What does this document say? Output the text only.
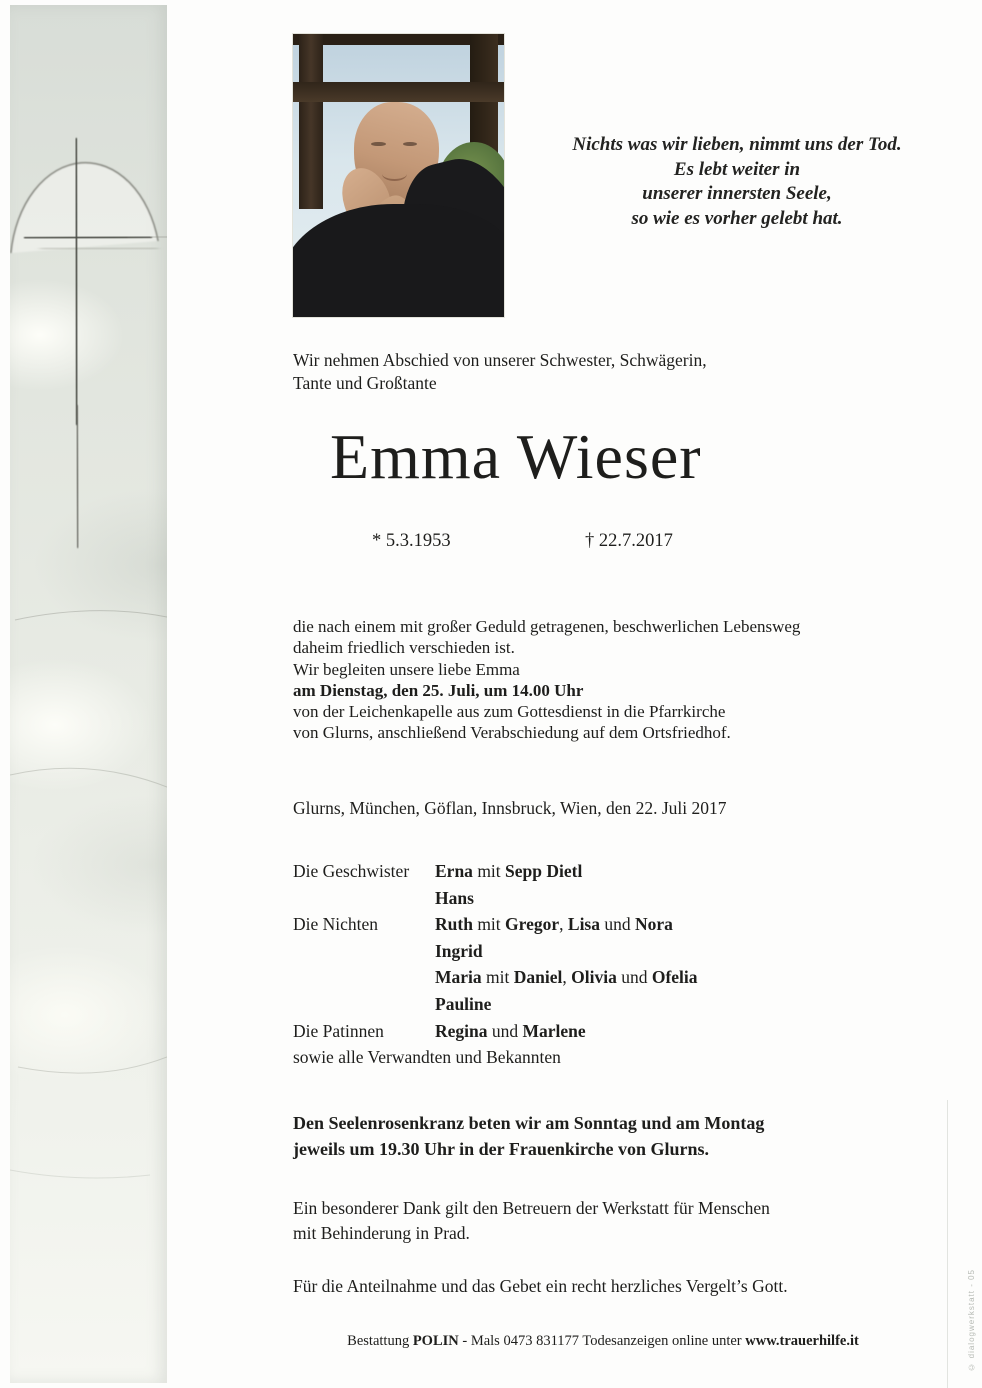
Nichts was wir lieben, nimmt uns der Tod.
Es lebt weiter in
unserer innersten Seele,
so wie es vorher gelebt hat.
Wir nehmen Abschied von unserer Schwester, Schwägerin,
Tante und Großtante
Emma Wieser
* 5.3.1953	† 22.7.2017
die nach einem mit großer Geduld getragenen, beschwerlichen Lebensweg
daheim friedlich verschieden ist.
Wir begleiten unsere liebe Emma
am Dienstag, den 25. Juli, um 14.00 Uhr
von der Leichenkapelle aus zum Gottesdienst in die Pfarrkirche
von Glurns, anschließend Verabschiedung auf dem Ortsfriedhof.
Glurns, München, Göflan, Innsbruck, Wien, den 22. Juli 2017
Die Geschwister	Erna mit Sepp Dietl
Hans
Die Nichten	Ruth mit Gregor, Lisa und Nora
Ingrid
Maria mit Daniel, Olivia und Ofelia
Pauline
Die Patinnen	Regina und Marlene
sowie alle Verwandten und Bekannten
Den Seelenrosenkranz beten wir am Sonntag und am Montag
jeweils um 19.30 Uhr in der Frauenkirche von Glurns.
Ein besonderer Dank gilt den Betreuern der Werkstatt für Menschen
mit Behinderung in Prad.
Für die Anteilnahme und das Gebet ein recht herzliches Vergelt’s Gott.
Bestattung POLIN - Mals 0473 831177 Todesanzeigen online unter www.trauerhilfe.it	© dialogwerkstatt - 05
